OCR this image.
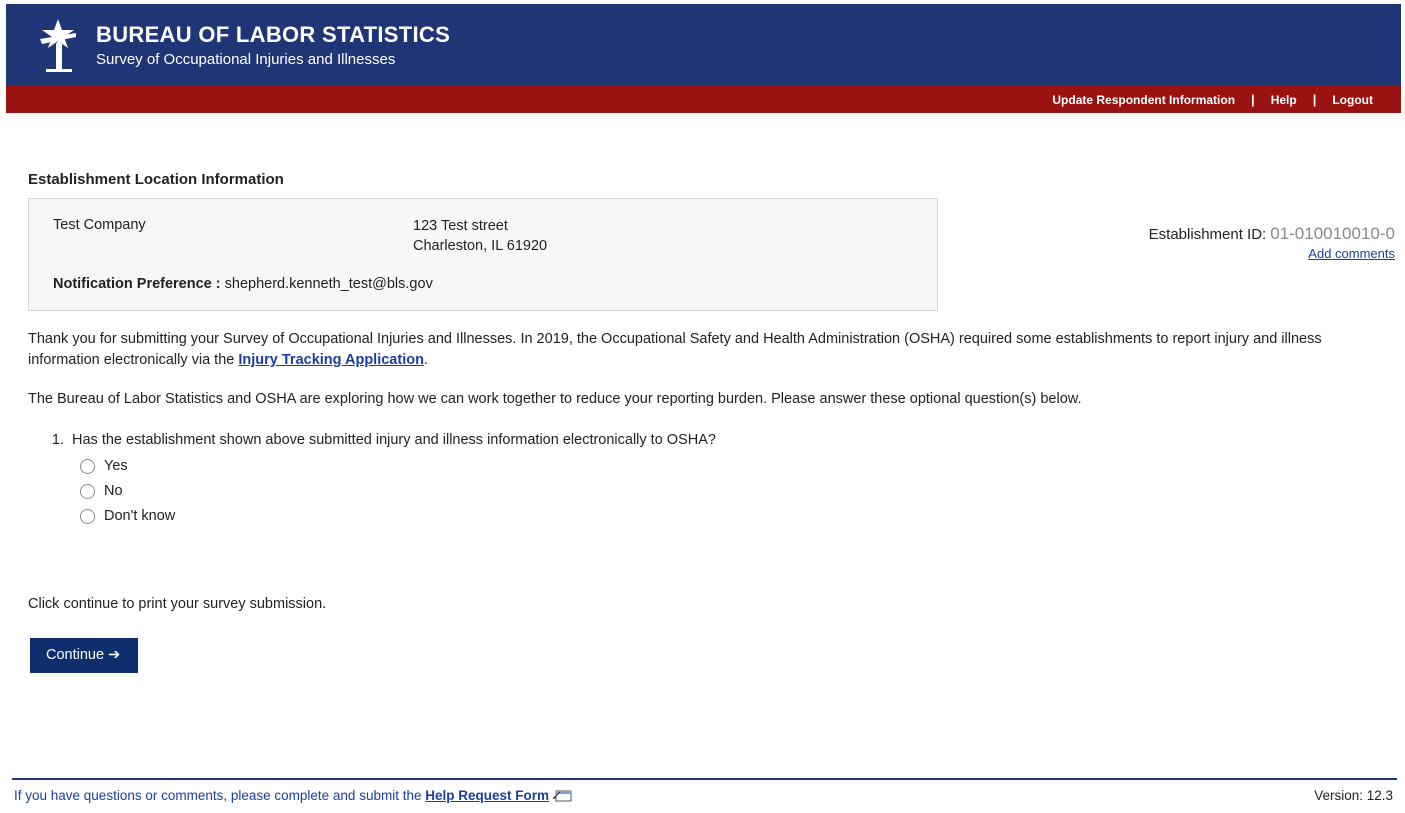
BUREAU OF LABOR STATISTICS
Survey of Occupational Injuries and Illnesses
Update Respondent Information	|	Help	|	Logout
Establishment ID: 01-010010010-0
Add comments
Establishment Location Information
Test Company	123 Test street
Charleston, IL 61920
Notification Preference : shepherd.kenneth_test@bls.gov

Thank you for submitting your Survey of Occupational Injuries and Illnesses. In 2019, the Occupational Safety and Health Administration (OSHA) required some establishments to report injury and illness information electronically via the Injury Tracking Application.

The Bureau of Labor Statistics and OSHA are exploring how we can work together to reduce your reporting burden. Please answer these optional question(s) below.

1. Has the establishment shown above submitted injury and illness information electronically to OSHA?
Yes
No
Don't know
Click continue to print your survey submission.
Continue ➔
If you have questions or comments, please complete and submit the Help Request Form	Version: 12.3
